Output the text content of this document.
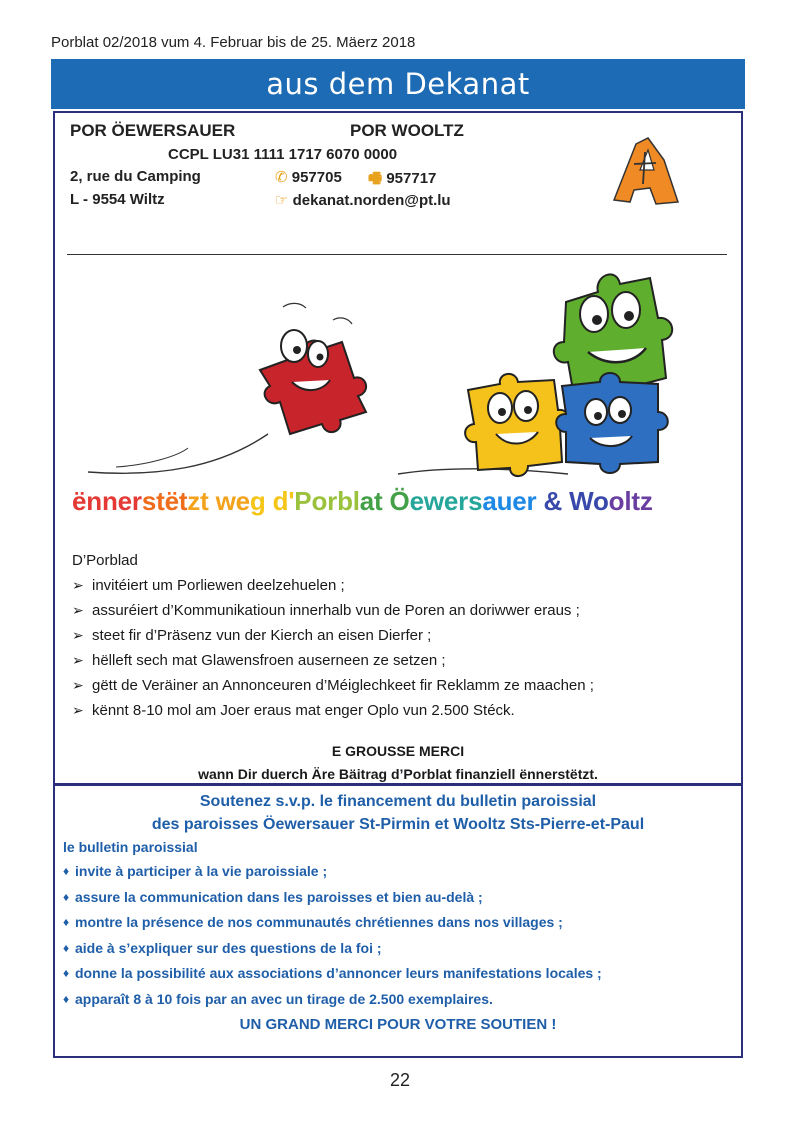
Porblat 02/2018 vum 4. Februar bis de 25. Mäerz 2018
aus dem Dekanat
POR ÖEWERSAUER	POR WOOLTZ
CCPL LU31 1111 1717 6070 0000
2, rue du Camping
L - 9554 Wiltz
✆ 957705 🖷 957717
☞ dekanat.norden@pt.lu
ënnerstëtzt weg d'Porblat Öewersauer & Wooltz
D’Porblad
➢ invitéiert um Porliewen deelzehuelen ;
➢ assuréiert d’Kommunikatioun innerhalb vun de Poren an doriwwer eraus ;
➢ steet fir d’Präsenz vun der Kierch an eisen Dierfer ;
➢ hëlleft sech mat Glawensfroen auserneen ze setzen ;
➢ gëtt de Veräiner an Annonceuren d’Méiglechkeet fir Reklamm ze maachen ;
➢ kënnt 8-10 mol am Joer eraus mat enger Oplo vun 2.500 Stéck.
E GROUSSE MERCI
wann Dir duerch Äre Bäitrag d’Porblat finanziell ënnerstëtzt.
Soutenez s.v.p. le financement du bulletin paroissial
des paroisses Öewersauer St-Pirmin et Wooltz Sts-Pierre-et-Paul
le bulletin paroissial
♦ invite à participer à la vie paroissiale ;
♦ assure la communication dans les paroisses et bien au-delà ;
♦ montre la présence de nos communautés chrétiennes dans nos villages ;
♦ aide à s’expliquer sur des questions de la foi ;
♦ donne la possibilité aux associations d’annoncer leurs manifestations locales ;
♦ apparaît 8 à 10 fois par an avec un tirage de 2.500 exemplaires.
UN GRAND MERCI POUR VOTRE SOUTIEN !
22
